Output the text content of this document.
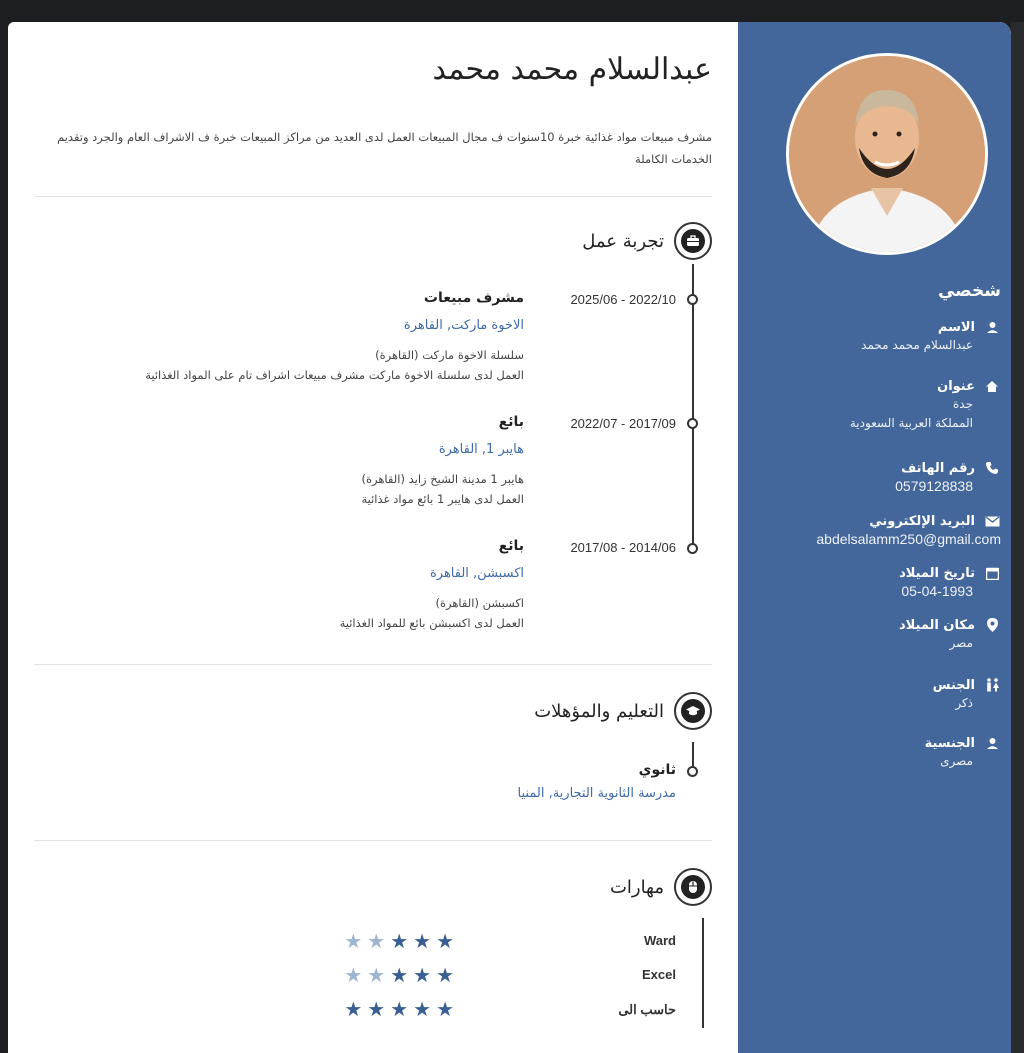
عبدالسلام محمد محمد
مشرف مبيعات مواد غذائية خبرة 10سنوات ف مجال المبيعات العمل لدى العديد من مراكز المبيعات خبرة ف الاشراف العام والجرد وتقديم الخدمات الكاملة
تجربة عمل
2025/06 - 2022/10
مشرف مبيعات
الاخوة ماركت, القاهرة
سلسلة الاخوة ماركت (القاهرة)
العمل لدى سلسلة الاخوة ماركت مشرف مبيعات اشراف تام على المواد الغذائية
2022/07 - 2017/09
بائع
هايبر 1, القاهرة
هايبر 1 مدينة الشيخ زايد (القاهرة)
العمل لدى هايبر 1 بائع مواد غذائية
2017/08 - 2014/06
بائع
اكسبشن, القاهرة
اكسبشن (القاهرة)
العمل لدى اكسبشن بائع للمواد الغذائية
التعليم والمؤهلات
ثانوي
مدرسة الثانوية التجارية, المنيا
مهارات
Ward
★
★
★
★
★
Excel
★
★
★
★
★
حاسب الى
★
★
★
★
★
شخصي
الاسم
عبدالسلام محمد محمد
عنوان
جدة
المملكة العربية السعودية
رقم الهاتف
0579128838
البريد الإلكتروني
abdelsalamm250@gmail.com
تاريخ الميلاد
05-04-1993
مكان الميلاد
مصر
الجنس
ذكر
الجنسية
مصرى
